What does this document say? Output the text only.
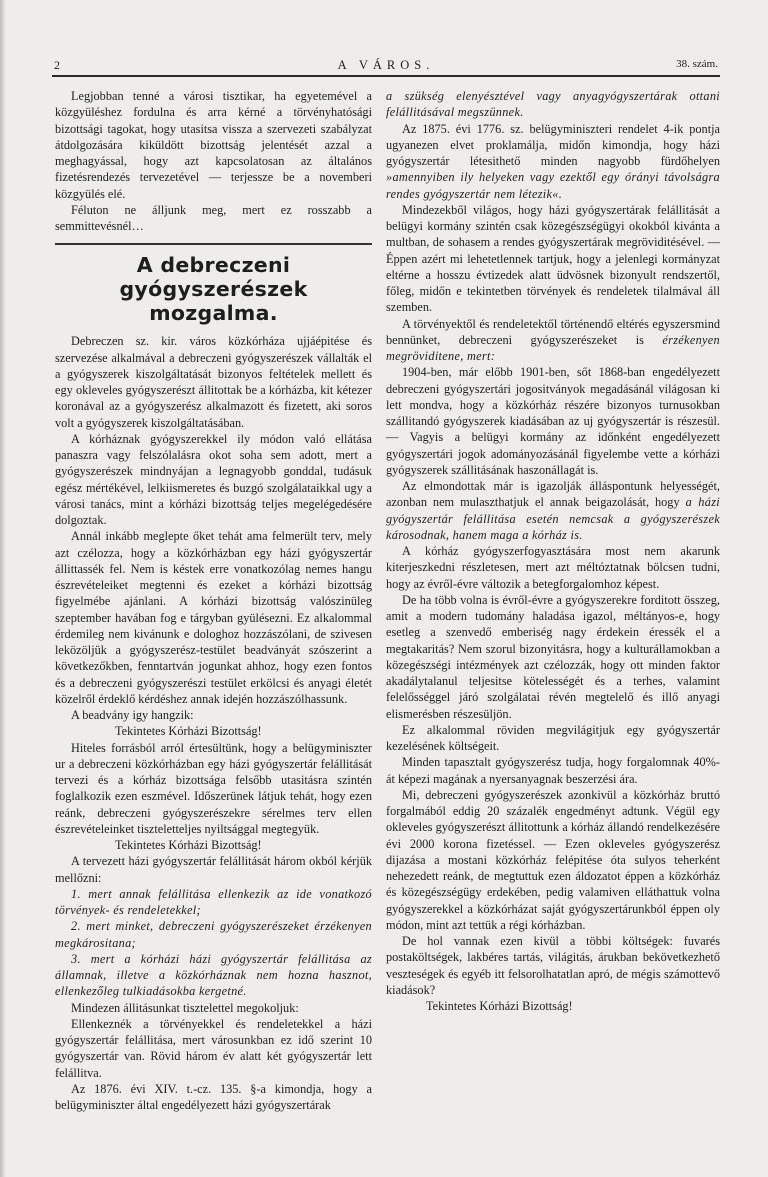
2	A VÁROS.	38. szám.

Legjobban tenné a városi tisztikar, ha egyetemével a közgyüléshez fordulna és arra kérné a törvényhatósági bizottsági tagokat, hogy utasitsa vissza a szervezeti szabályzat átdolgozására kiküldött bizottság jelentését azzal a meghagyással, hogy azt kapcsolatosan az általános fizetésrendezés tervezetével — terjessze be a novemberi közgyülés elé.

Féluton ne álljunk meg, mert ez rosszabb a semmittevésnél…

A debreczeni gyógyszerészek mozgalma.

Debreczen sz. kir. város közkórháza ujjáépitése és szervezése alkalmával a debreczeni gyógyszerészek vállalták el a gyógyszerek kiszolgáltatását bizonyos feltételek mellett és egy okleveles gyógyszerészt állitottak be a kórházba, kit kétezer koronával az a gyógyszerész alkalmazott és fizetett, aki soros volt a gyógyszerek kiszolgáltatásában.

A kórháznak gyógyszerekkel ily módon való ellátása panaszra vagy felszólalásra okot soha sem adott, mert a gyógyszerészek mindnyájan a legnagyobb gonddal, tudásuk egész mértékével, lelkiismeretes és buzgó szolgálataikkal ugy a városi tanács, mint a kórházi bizottság teljes megelégedésére dolgoztak.

Annál inkább meglepte őket tehát ama felmerült terv, mely azt czélozza, hogy a közkórházban egy házi gyógyszertár állittassék fel. Nem is késtek erre vonatkozólag nemes hangu észrevételeiket megtenni és ezeket a kórházi bizottság figyelmébe ajánlani. A kórházi bizottság valószinüleg szeptember havában fog e tárgyban gyülésezni. Ez alkalommal érdemileg nem kivánunk e dologhoz hozzászólani, de szivesen leközöljük a gyógyszerész-testület beadványát szószerint a következőkben, fenntartván jogunkat ahhoz, hogy ezen fontos és a debreczeni gyógyszerészi testület erkölcsi és anyagi életét közelről érdeklő kérdéshez annak idején hozzászólhassunk.

A beadvány igy hangzik:

Tekintetes Kórházi Bizottság!

Hiteles forrásból arról értesültünk, hogy a belügyminiszter ur a debreczeni közkórházban egy házi gyógyszertár felállitását tervezi és a kórház bizottsága felsőbb utasitásra szintén foglalkozik ezen eszmével. Időszerünek látjuk tehát, hogy ezen reánk, debreczeni gyógyszerészekre sérelmes terv ellen észrevételeinket tiszteletteljes nyiltsággal megtegyük.

Tekintetes Kórházi Bizottság!

A tervezett házi gyógyszertár felállitását három okból kérjük mellőzni:

1. mert annak felállitása ellenkezik az ide vonatkozó törvények- és rendeletekkel;

2. mert minket, debreczeni gyógyszerészeket érzékenyen megkárositana;

3. mert a kórházi házi gyógyszertár felállitása az államnak, illetve a közkórháznak nem hozna hasznot, ellenkezőleg tulkiadásokba kergetné.

Mindezen állitásunkat tisztelettel megokoljuk:

Ellenkeznék a törvényekkel és rendeletekkel a házi gyógyszertár felállitása, mert városunkban ez idő szerint 10 gyógyszertár van. Rövid három év alatt két gyógyszertár lett felállitva.

Az 1876. évi XIV. t.-cz. 135. §-a kimondja, hogy a belügyminiszter által engedélyezett házi gyógyszertárak

a szükség elenyésztével vagy anyagyógyszertárak ottani felállitásával megszünnek.

Az 1875. évi 1776. sz. belügyminiszteri rendelet 4-ik pontja ugyanezen elvet proklamálja, midőn kimondja, hogy házi gyógyszertár létesithető minden nagyobb fürdőhelyen »amennyiben ily helyeken vagy ezektől egy órányi távolságra rendes gyógyszertár nem létezik«.

Mindezekből világos, hogy házi gyógyszertárak felállitását a belügyi kormány szintén csak közegészségügyi okokból kivánta a multban, de sohasem a rendes gyógyszertárak megröviditésével. — Éppen azért mi lehetetlennek tartjuk, hogy a jelenlegi kormányzat eltérne a hosszu évtizedek alatt üdvösnek bizonyult rendszertől, főleg, midőn e tekintetben törvények és rendeletek tilalmával áll szemben.

A törvényektől és rendeletektől történendő eltérés egyszersmind bennünket, debreczeni gyógyszerészeket is érzékenyen megröviditene, mert:

1904-ben, már előbb 1901-ben, sőt 1868-ban engedélyezett debreczeni gyógyszertári jogositványok megadásánál világosan ki lett mondva, hogy a közkórház részére bizonyos turnusokban szállitandó gyógyszerek kiadásában az uj gyógyszertár is részesül. — Vagyis a belügyi kormány az időnként engedélyezett gyógyszertári jogok adományozásánál figyelembe vette a kórházi gyógyszerek szállitásának haszonállagát is.

Az elmondottak már is igazolják álláspontunk helyességét, azonban nem mulaszthatjuk el annak beigazolását, hogy a házi gyógyszertár felállitása esetén nemcsak a gyógyszerészek károsodnak, hanem maga a kórház is.

A kórház gyógyszerfogyasztására most nem akarunk kiterjeszkedni részletesen, mert azt méltóztatnak bölcsen tudni, hogy az évről-évre változik a betegforgalomhoz képest.

De ha több volna is évről-évre a gyógyszerekre forditott összeg, amit a modern tudomány haladása igazol, méltányos-e, hogy esetleg a szenvedő emberiség nagy érdekein éressék el a megtakaritás? Nem szorul bizonyitásra, hogy a kulturállamokban a közegészségi intézmények azt czélozzák, hogy ott minden faktor akadálytalanul teljesitse kötelességét és a terhes, valamint felelősséggel járó szolgálatai révén megtelelő és illő anyagi elismerésben részesüljön.

Ez alkalommal röviden megvilágitjuk egy gyógyszertár kezelésének költségeit.

Minden tapasztalt gyógyszerész tudja, hogy forgalomnak 40%-át képezi magának a nyersanyagnak beszerzési ára.

Mi, debreczeni gyógyszerészek azonkivül a közkórház bruttó forgalmából eddig 20 százalék engedményt adtunk. Végül egy okleveles gyógyszerészt állitottunk a kórház állandó rendelkezésére évi 2000 korona fizetéssel. — Ezen okleveles gyógyszerész dijazása a mostani közkórház felépitése óta sulyos teherként nehezedett reánk, de megtuttuk ezen áldozatot éppen a közkórház és közegészségügy erdekében, pedig valamiven elláthattuk volna gyógyszerekkel a közkórházat saját gyógyszertárunkból éppen oly módon, mint azt tettük a régi kórházban.

De hol vannak ezen kivül a többi költségek: fuvarés postaköltségek, lakbéres tartás, világitás, árukban bekövetkezhető veszteségek és egyéb itt felsorolhatatlan apró, de mégis számottevő kiadások?

Tekintetes Kórházi Bizottság!
